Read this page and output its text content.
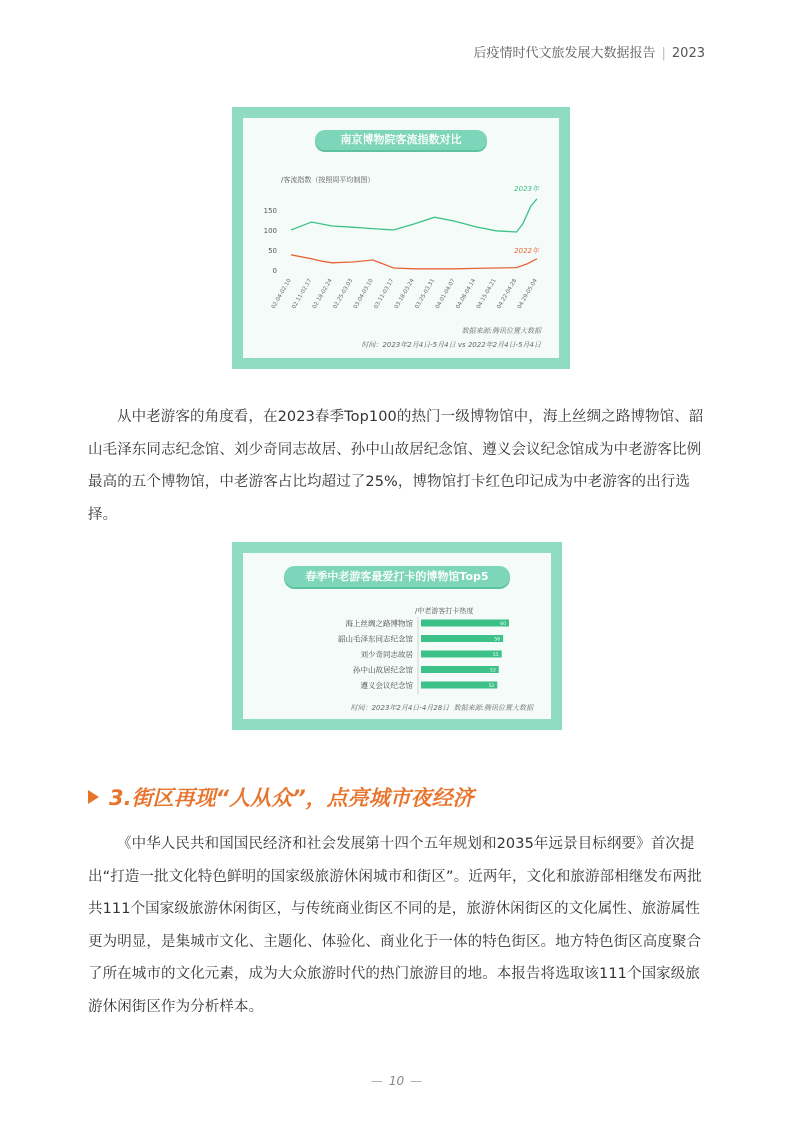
后疫情时代文旅发展大数据报告 | 2023
南京博物院客流指数对比
/客流指数（按照周平均制图）
0
50
100
150
02.04-02.10
02.11-02.17
02.18-02.24
02.25-03.03
03.04-03.10
03.11-03.17
03.18-03.24
03.25-03.31
04.01-04.07
04.08-04.14
04.15-04.21
04.22-04.28
04.29-05.04
2023年
2022年
数据来源:腾讯位置大数据
时间：2023年2月4日-5月4日 vs 2022年2月4日-5月4日
从中老游客的角度看，在2023春季Top100的热门一级博物馆中，海上丝绸之路博物馆、韶山毛泽东同志纪念馆、刘少奇同志故居、孙中山故居纪念馆、遵义会议纪念馆成为中老游客比例最高的五个博物馆，中老游客占比均超过了25%，博物馆打卡红色印记成为中老游客的出行选择。
春季中老游客最爱打卡的博物馆Top5
/中老游客打卡热度
海上丝绸之路博物馆	60
韶山毛泽东同志纪念馆	56
刘少奇同志故居	55
孙中山故居纪念馆	53
遵义会议纪念馆	52
时间：2023年2月4日-4月28日 数据来源:腾讯位置大数据
3.街区再现“人从众”，点亮城市夜经济
《中华人民共和国国民经济和社会发展第十四个五年规划和2035年远景目标纲要》首次提出“打造一批文化特色鲜明的国家级旅游休闲城市和街区”。近两年，文化和旅游部相继发布两批共111个国家级旅游休闲街区，与传统商业街区不同的是，旅游休闲街区的文化属性、旅游属性更为明显，是集城市文化、主题化、体验化、商业化于一体的特色街区。地方特色街区高度聚合了所在城市的文化元素，成为大众旅游时代的热门旅游目的地。本报告将选取该111个国家级旅游休闲街区作为分析样本。
— 10 —
